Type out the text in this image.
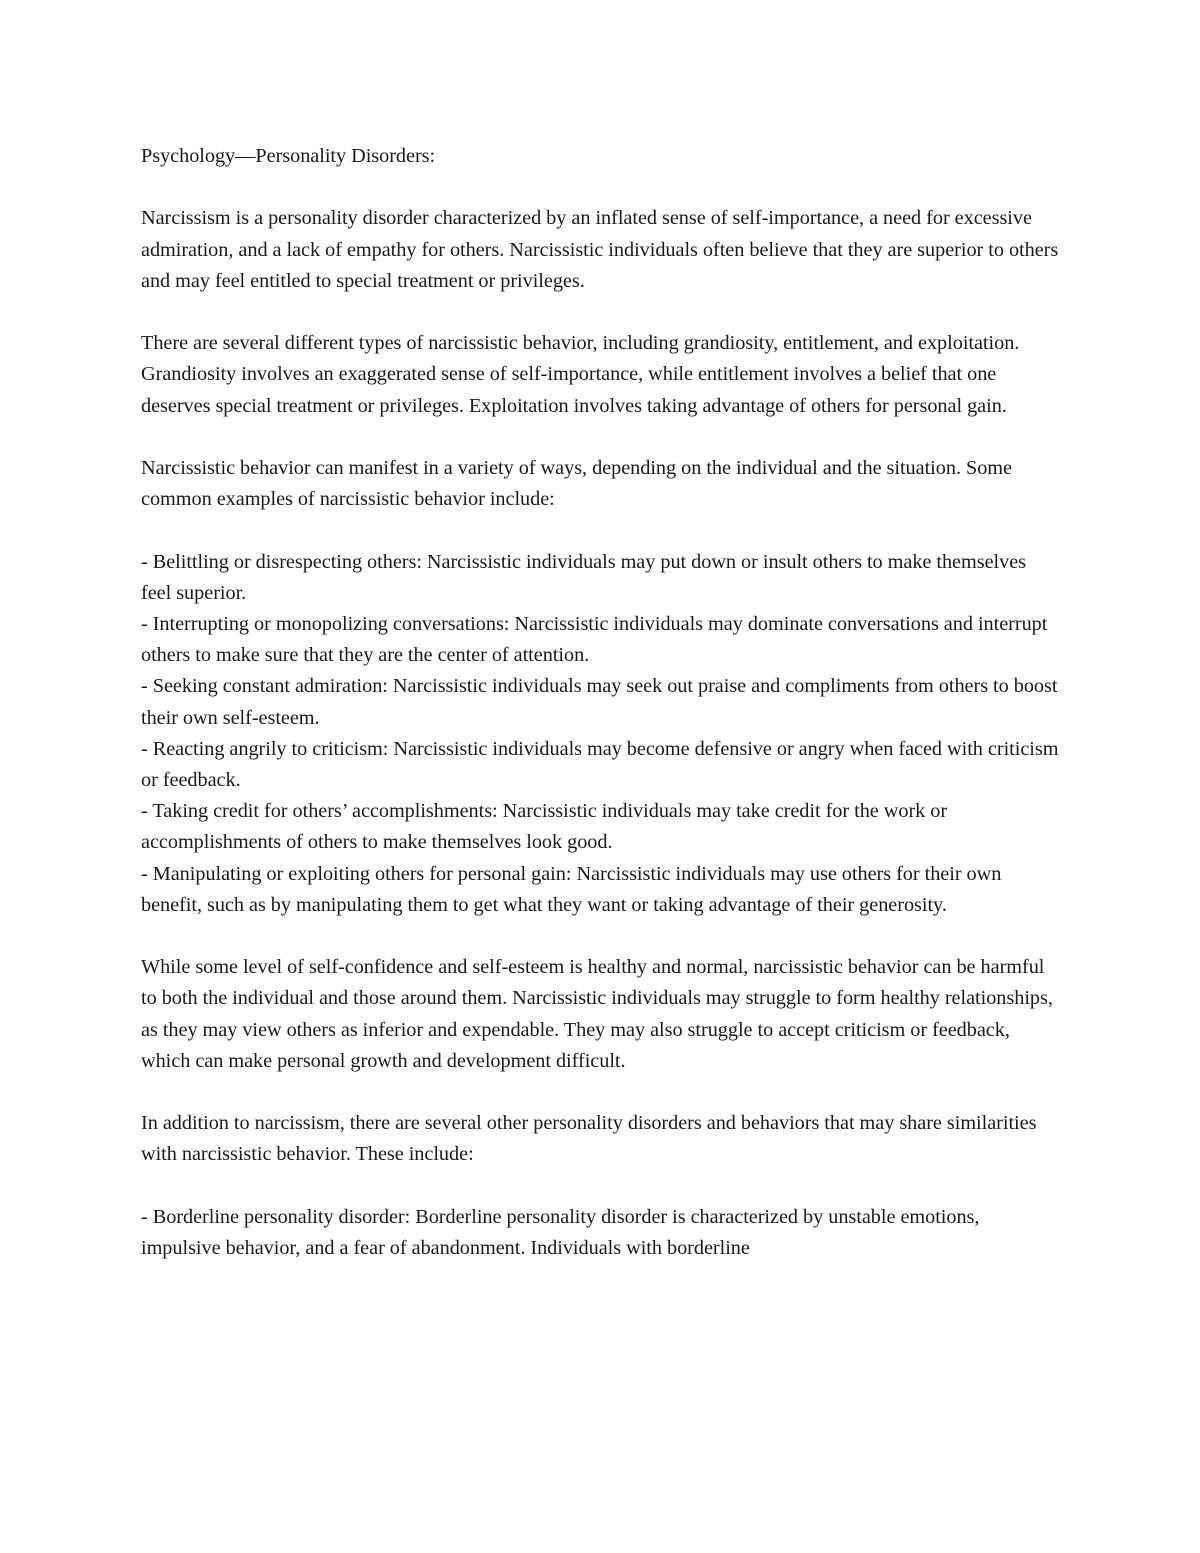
Psychology—Personality Disorders:

Narcissism is a personality disorder characterized by an inflated sense of self-importance, a need for excessive admiration, and a lack of empathy for others. Narcissistic individuals often believe that they are superior to others and may feel entitled to special treatment or privileges.

There are several different types of narcissistic behavior, including grandiosity, entitlement, and exploitation. Grandiosity involves an exaggerated sense of self-importance, while entitlement involves a belief that one deserves special treatment or privileges. Exploitation involves taking advantage of others for personal gain.

Narcissistic behavior can manifest in a variety of ways, depending on the individual and the situation. Some common examples of narcissistic behavior include:

- Belittling or disrespecting others: Narcissistic individuals may put down or insult others to make themselves feel superior.
- Interrupting or monopolizing conversations: Narcissistic individuals may dominate conversations and interrupt others to make sure that they are the center of attention.
- Seeking constant admiration: Narcissistic individuals may seek out praise and compliments from others to boost their own self-esteem.
- Reacting angrily to criticism: Narcissistic individuals may become defensive or angry when faced with criticism or feedback.
- Taking credit for others’ accomplishments: Narcissistic individuals may take credit for the work or accomplishments of others to make themselves look good.
- Manipulating or exploiting others for personal gain: Narcissistic individuals may use others for their own benefit, such as by manipulating them to get what they want or taking advantage of their generosity.

While some level of self-confidence and self-esteem is healthy and normal, narcissistic behavior can be harmful to both the individual and those around them. Narcissistic individuals may struggle to form healthy relationships, as they may view others as inferior and expendable. They may also struggle to accept criticism or feedback, which can make personal growth and development difficult.

In addition to narcissism, there are several other personality disorders and behaviors that may share similarities with narcissistic behavior. These include:

- Borderline personality disorder: Borderline personality disorder is characterized by unstable emotions, impulsive behavior, and a fear of abandonment. Individuals with borderline
